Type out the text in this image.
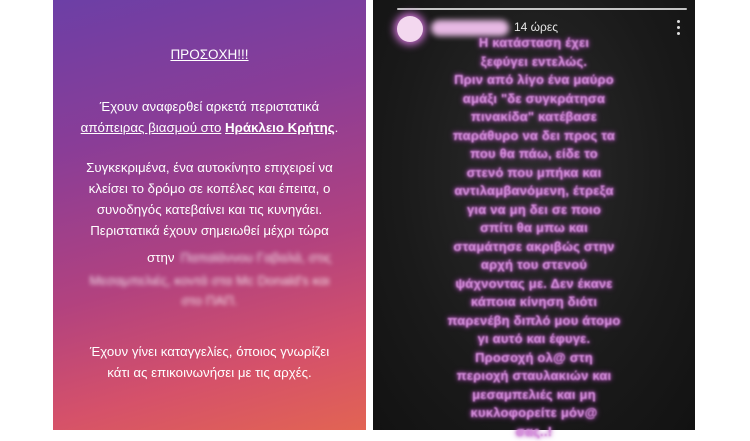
ΠΡΟΣΟΧΗ!!!
Έχουν αναφερθεί αρκετά περιστατικά
απόπειρας βιασμού στο Ηράκλειο Κρήτης.
Συγκεκριμένα, ένα αυτοκίνητο επιχειρεί να
κλείσει το δρόμο σε κοπέλες και έπειτα, ο
συνοδηγός κατεβαίνει και τις κυνηγάει.
Περιστατικά έχουν σημειωθεί μέχρι τώρα
στην Παπαϊάννου Γαβαλά, στις
Μεσαμπελιές, κοντά στα Μc Donald's και
στο ΠΑΠ.
Έχουν γίνει καταγγελίες, όποιος γνωρίζει
κάτι ας επικοινωνήσει με τις αρχές.
14 ώρες
Η κατάσταση έχει
ξεφύγει εντελώς.
Πριν από λίγο ένα μαύρο
αμάξι "δε συγκράτησα
πινακίδα" κατέβασε
παράθυρο να δει προς τα
που θα πάω, είδε το
στενό που μπήκα και
αντιλαμβανόμενη, έτρεξα
για να μη δει σε ποιο
σπίτι θα μπω και
σταμάτησε ακριβώς στην
αρχή του στενού
ψάχνοντας με. Δεν έκανε
κάποια κίνηση διότι
παρενέβη διπλό μου άτομο
γι αυτό και έφυγε.
Προσοχή ολ@ στη
περιοχή σταυλακιών και
μεσαμπελιές και μη
κυκλοφορείτε μόν@
σας..!
